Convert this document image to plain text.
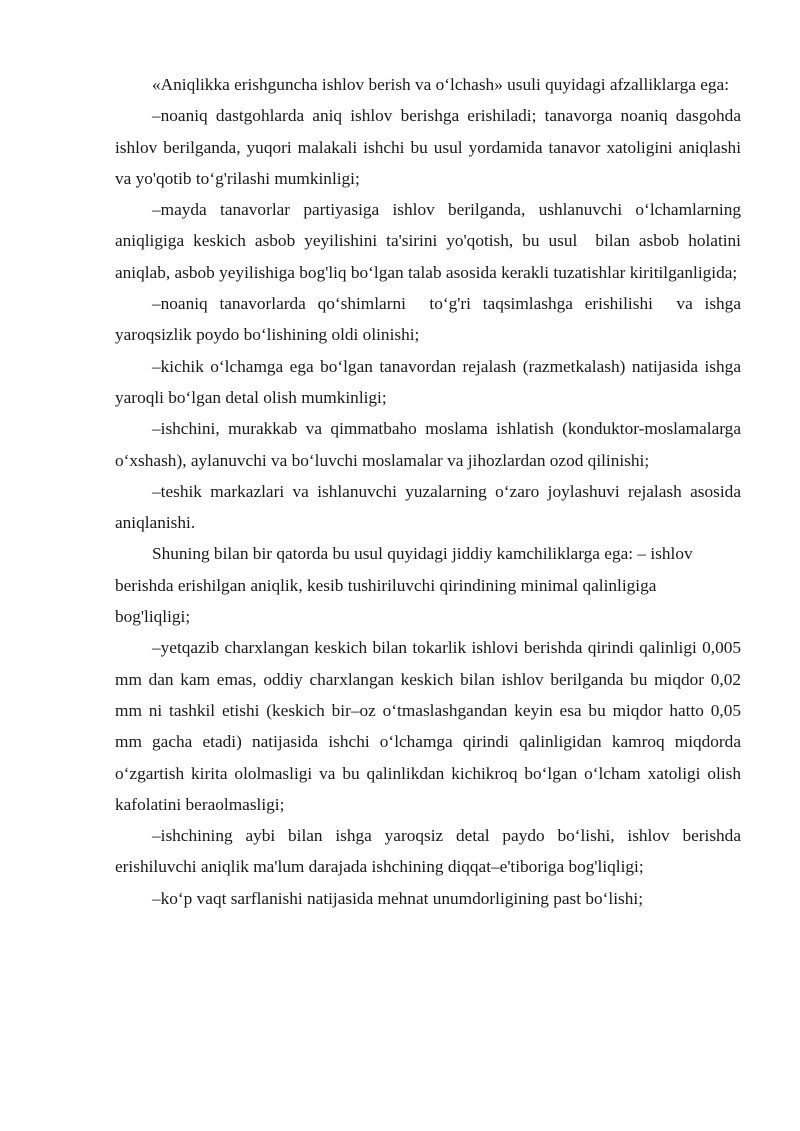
«Aniqlikka erishguncha ishlov berish va o‘lchash» usuli quyidagi afzalliklarga ega:

–noaniq dastgohlarda aniq ishlov berishga erishiladi; tanavorga noaniq dasgohda ishlov berilganda, yuqori malakali ishchi bu usul yordamida tanavor xatoligini aniqlashi va yo'qotib to‘g'rilashi mumkinligi;

–mayda tanavorlar partiyasiga ishlov berilganda, ushlanuvchi o‘lchamlarning aniqligiga keskich asbob yeyilishini ta'sirini yo'qotish, bu usul  bilan asbob holatini aniqlab, asbob yeyilishiga bog'liq bo‘lgan talab asosida kerakli tuzatishlar kiritilganligida;

–noaniq tanavorlarda qo‘shimlarni  to‘g'ri taqsimlashga erishilishi  va ishga yaroqsizlik poydo bo‘lishining oldi olinishi;

–kichik o‘lchamga ega bo‘lgan tanavordan rejalash (razmetkalash) natijasida ishga yaroqli bo‘lgan detal olish mumkinligi;

–ishchini, murakkab va qimmatbaho moslama ishlatish (konduktor-moslamalarga o‘xshash), aylanuvchi va bo‘luvchi moslamalar va jihozlardan ozod qilinishi;

–teshik markazlari va ishlanuvchi yuzalarning o‘zaro joylashuvi rejalash asosida aniqlanishi.

Shuning bilan bir qatorda bu usul quyidagi jiddiy kamchiliklarga ega: – ishlov berishda erishilgan aniqlik, kesib tushiriluvchi qirindining minimal qalinligiga
bog'liqligi;

–yetqazib charxlangan keskich bilan tokarlik ishlovi berishda qirindi qalinligi 0,005 mm dan kam emas, oddiy charxlangan keskich bilan ishlov berilganda bu miqdor 0,02 mm ni tashkil etishi (keskich bir–oz o‘tmaslashgandan keyin esa bu miqdor hatto 0,05 mm gacha etadi) natijasida ishchi o‘lchamga qirindi qalinligidan kamroq miqdorda o‘zgartish kirita ololmasligi va bu qalinlikdan kichikroq bo‘lgan o‘lcham xatoligi olish kafolatini beraolmasligi;

–ishchining aybi bilan ishga yaroqsiz detal paydo bo‘lishi, ishlov berishda erishiluvchi aniqlik ma'lum darajada ishchining diqqat–e'tiboriga bog'liqligi;

–ko‘p vaqt sarflanishi natijasida mehnat unumdorligining past bo‘lishi;
